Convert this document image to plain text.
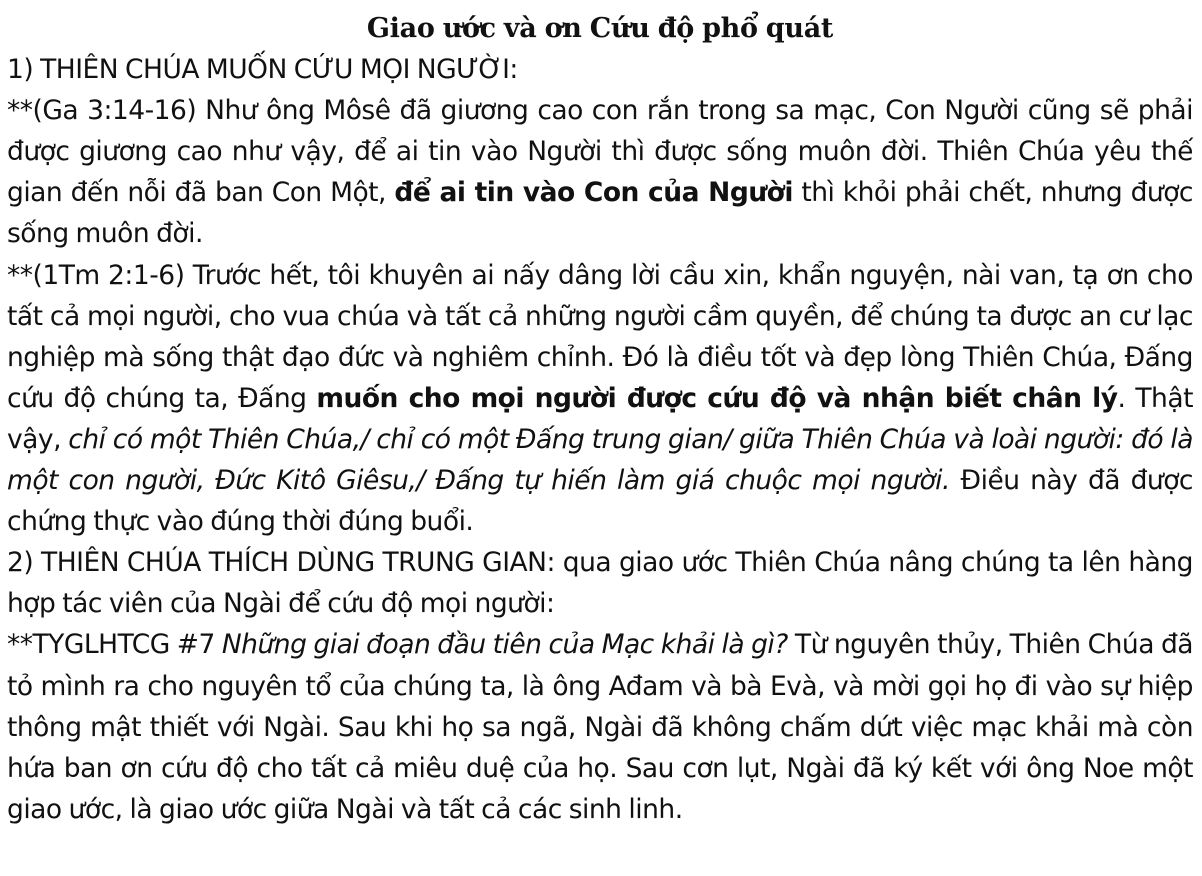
Giao ước và ơn Cứu độ phổ quát

1) THIÊN CHÚA MUỐN CỨU MỌI NGƯỜI:

**(Ga 3:14-16) Như ông Môsê đã giương cao con rắn trong sa mạc, Con Người cũng sẽ phải được giương cao như vậy, để ai tin vào Người thì được sống muôn đời. Thiên Chúa yêu thế gian đến nỗi đã ban Con Một, để ai tin vào Con của Người thì khỏi phải chết, nhưng được sống muôn đời.

**(1Tm 2:1-6) Trước hết, tôi khuyên ai nấy dâng lời cầu xin, khẩn nguyện, nài van, tạ ơn cho tất cả mọi người, cho vua chúa và tất cả những người cầm quyền, để chúng ta được an cư lạc nghiệp mà sống thật đạo đức và nghiêm chỉnh. Đó là điều tốt và đẹp lòng Thiên Chúa, Đấng cứu độ chúng ta, Đấng muốn cho mọi người được cứu độ và nhận biết chân lý. Thật vậy, chỉ có một Thiên Chúa,/ chỉ có một Đấng trung gian/ giữa Thiên Chúa và loài người: đó là một con người, Đức Kitô Giêsu,/ Đấng tự hiến làm giá chuộc mọi người. Điều này đã được chứng thực vào đúng thời đúng buổi.

2) THIÊN CHÚA THÍCH DÙNG TRUNG GIAN: qua giao ước Thiên Chúa nâng chúng ta lên hàng hợp tác viên của Ngài để cứu độ mọi người:

**TYGLHTCG #7 Những giai đoạn đầu tiên của Mạc khải là gì? Từ nguyên thủy, Thiên Chúa đã tỏ mình ra cho nguyên tổ của chúng ta, là ông Ađam và bà Evà, và mời gọi họ đi vào sự hiệp thông mật thiết với Ngài. Sau khi họ sa ngã, Ngài đã không chấm dứt việc mạc khải mà còn hứa ban ơn cứu độ cho tất cả miêu duệ của họ. Sau cơn lụt, Ngài đã ký kết với ông Noe một giao ước, là giao ước giữa Ngài và tất cả các sinh linh.
